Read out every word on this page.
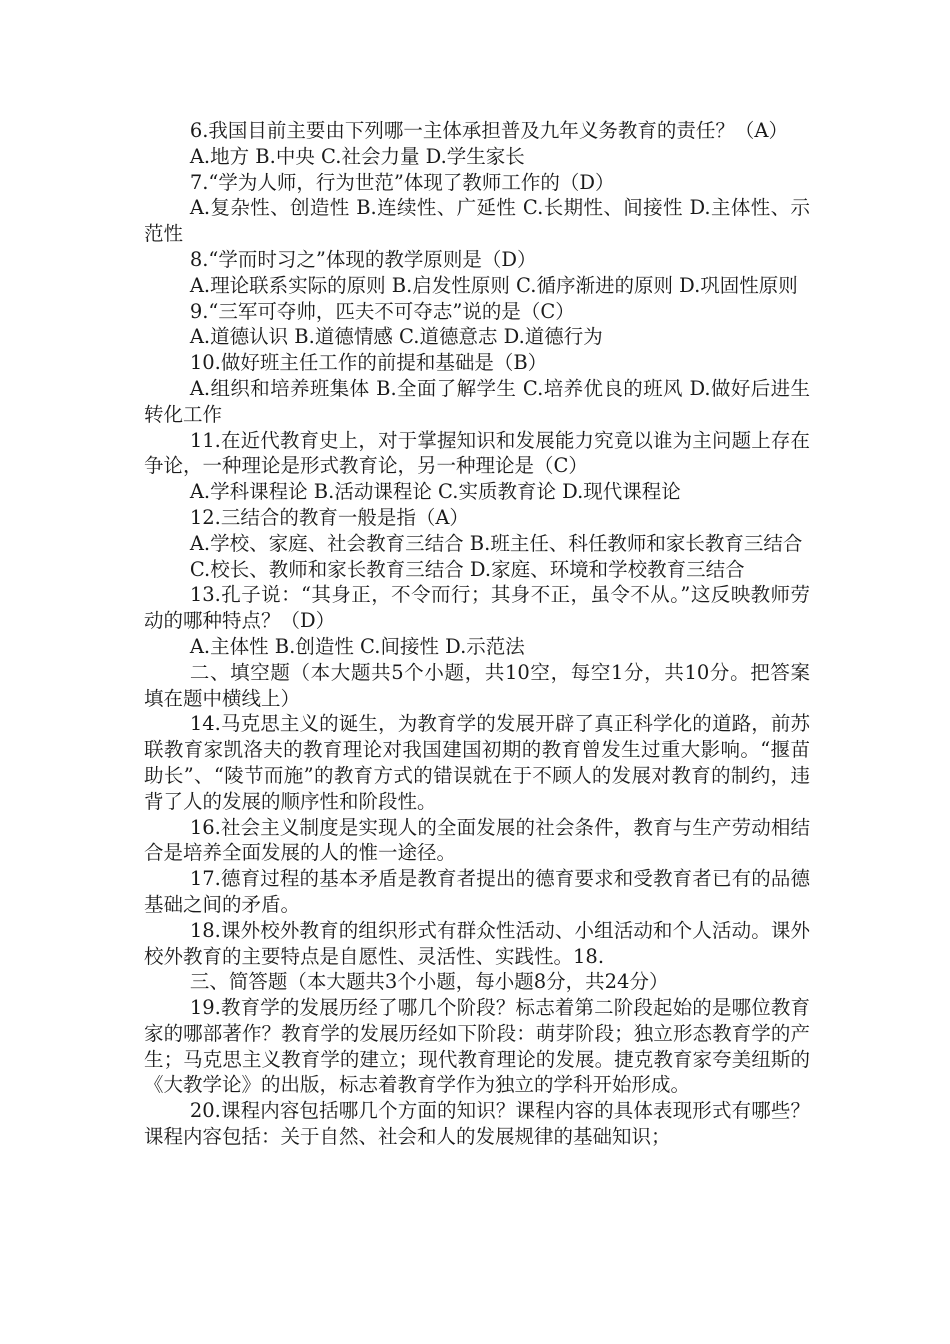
6.我国目前主要由下列哪一主体承担普及九年义务教育的责任？（A）

A.地方 B.中央 C.社会力量 D.学生家长

7.“学为人师，行为世范”体现了教师工作的（D）

A.复杂性、创造性 B.连续性、广延性 C.长期性、间接性 D.主体性、示范性

8.“学而时习之”体现的教学原则是（D）

A.理论联系实际的原则 B.启发性原则 C.循序渐进的原则 D.巩固性原则

9.“三军可夺帅，匹夫不可夺志”说的是（C）

A.道德认识 B.道德情感 C.道德意志 D.道德行为

10.做好班主任工作的前提和基础是（B）

A.组织和培养班集体 B.全面了解学生 C.培养优良的班风 D.做好后进生转化工作

11.在近代教育史上，对于掌握知识和发展能力究竟以谁为主问题上存在争论，一种理论是形式教育论，另一种理论是（C）

A.学科课程论 B.活动课程论 C.实质教育论 D.现代课程论

12.三结合的教育一般是指（A）

A.学校、家庭、社会教育三结合 B.班主任、科任教师和家长教育三结合

C.校长、教师和家长教育三结合 D.家庭、环境和学校教育三结合

13.孔子说：“其身正，不令而行；其身不正，虽令不从。”这反映教师劳动的哪种特点？（D）

A.主体性 B.创造性 C.间接性 D.示范法

二、填空题（本大题共5个小题，共10空，每空1分，共10分。把答案填在题中横线上）

14.马克思主义的诞生，为教育学的发展开辟了真正科学化的道路，前苏联教育家凯洛夫的教育理论对我国建国初期的教育曾发生过重大影响。“揠苗助长”、“陵节而施”的教育方式的错误就在于不顾人的发展对教育的制约，违背了人的发展的顺序性和阶段性。

16.社会主义制度是实现人的全面发展的社会条件，教育与生产劳动相结合是培养全面发展的人的惟一途径。

17.德育过程的基本矛盾是教育者提出的德育要求和受教育者已有的品德基础之间的矛盾。

18.课外校外教育的组织形式有群众性活动、小组活动和个人活动。课外校外教育的主要特点是自愿性、灵活性、实践性。18.

三、简答题（本大题共3个小题，每小题8分，共24分）

19.教育学的发展历经了哪几个阶段？标志着第二阶段起始的是哪位教育家的哪部著作？教育学的发展历经如下阶段：萌芽阶段；独立形态教育学的产生；马克思主义教育学的建立；现代教育理论的发展。捷克教育家夸美纽斯的《大教学论》的出版，标志着教育学作为独立的学科开始形成。

20.课程内容包括哪几个方面的知识？课程内容的具体表现形式有哪些？课程内容包括：关于自然、社会和人的发展规律的基础知识；
